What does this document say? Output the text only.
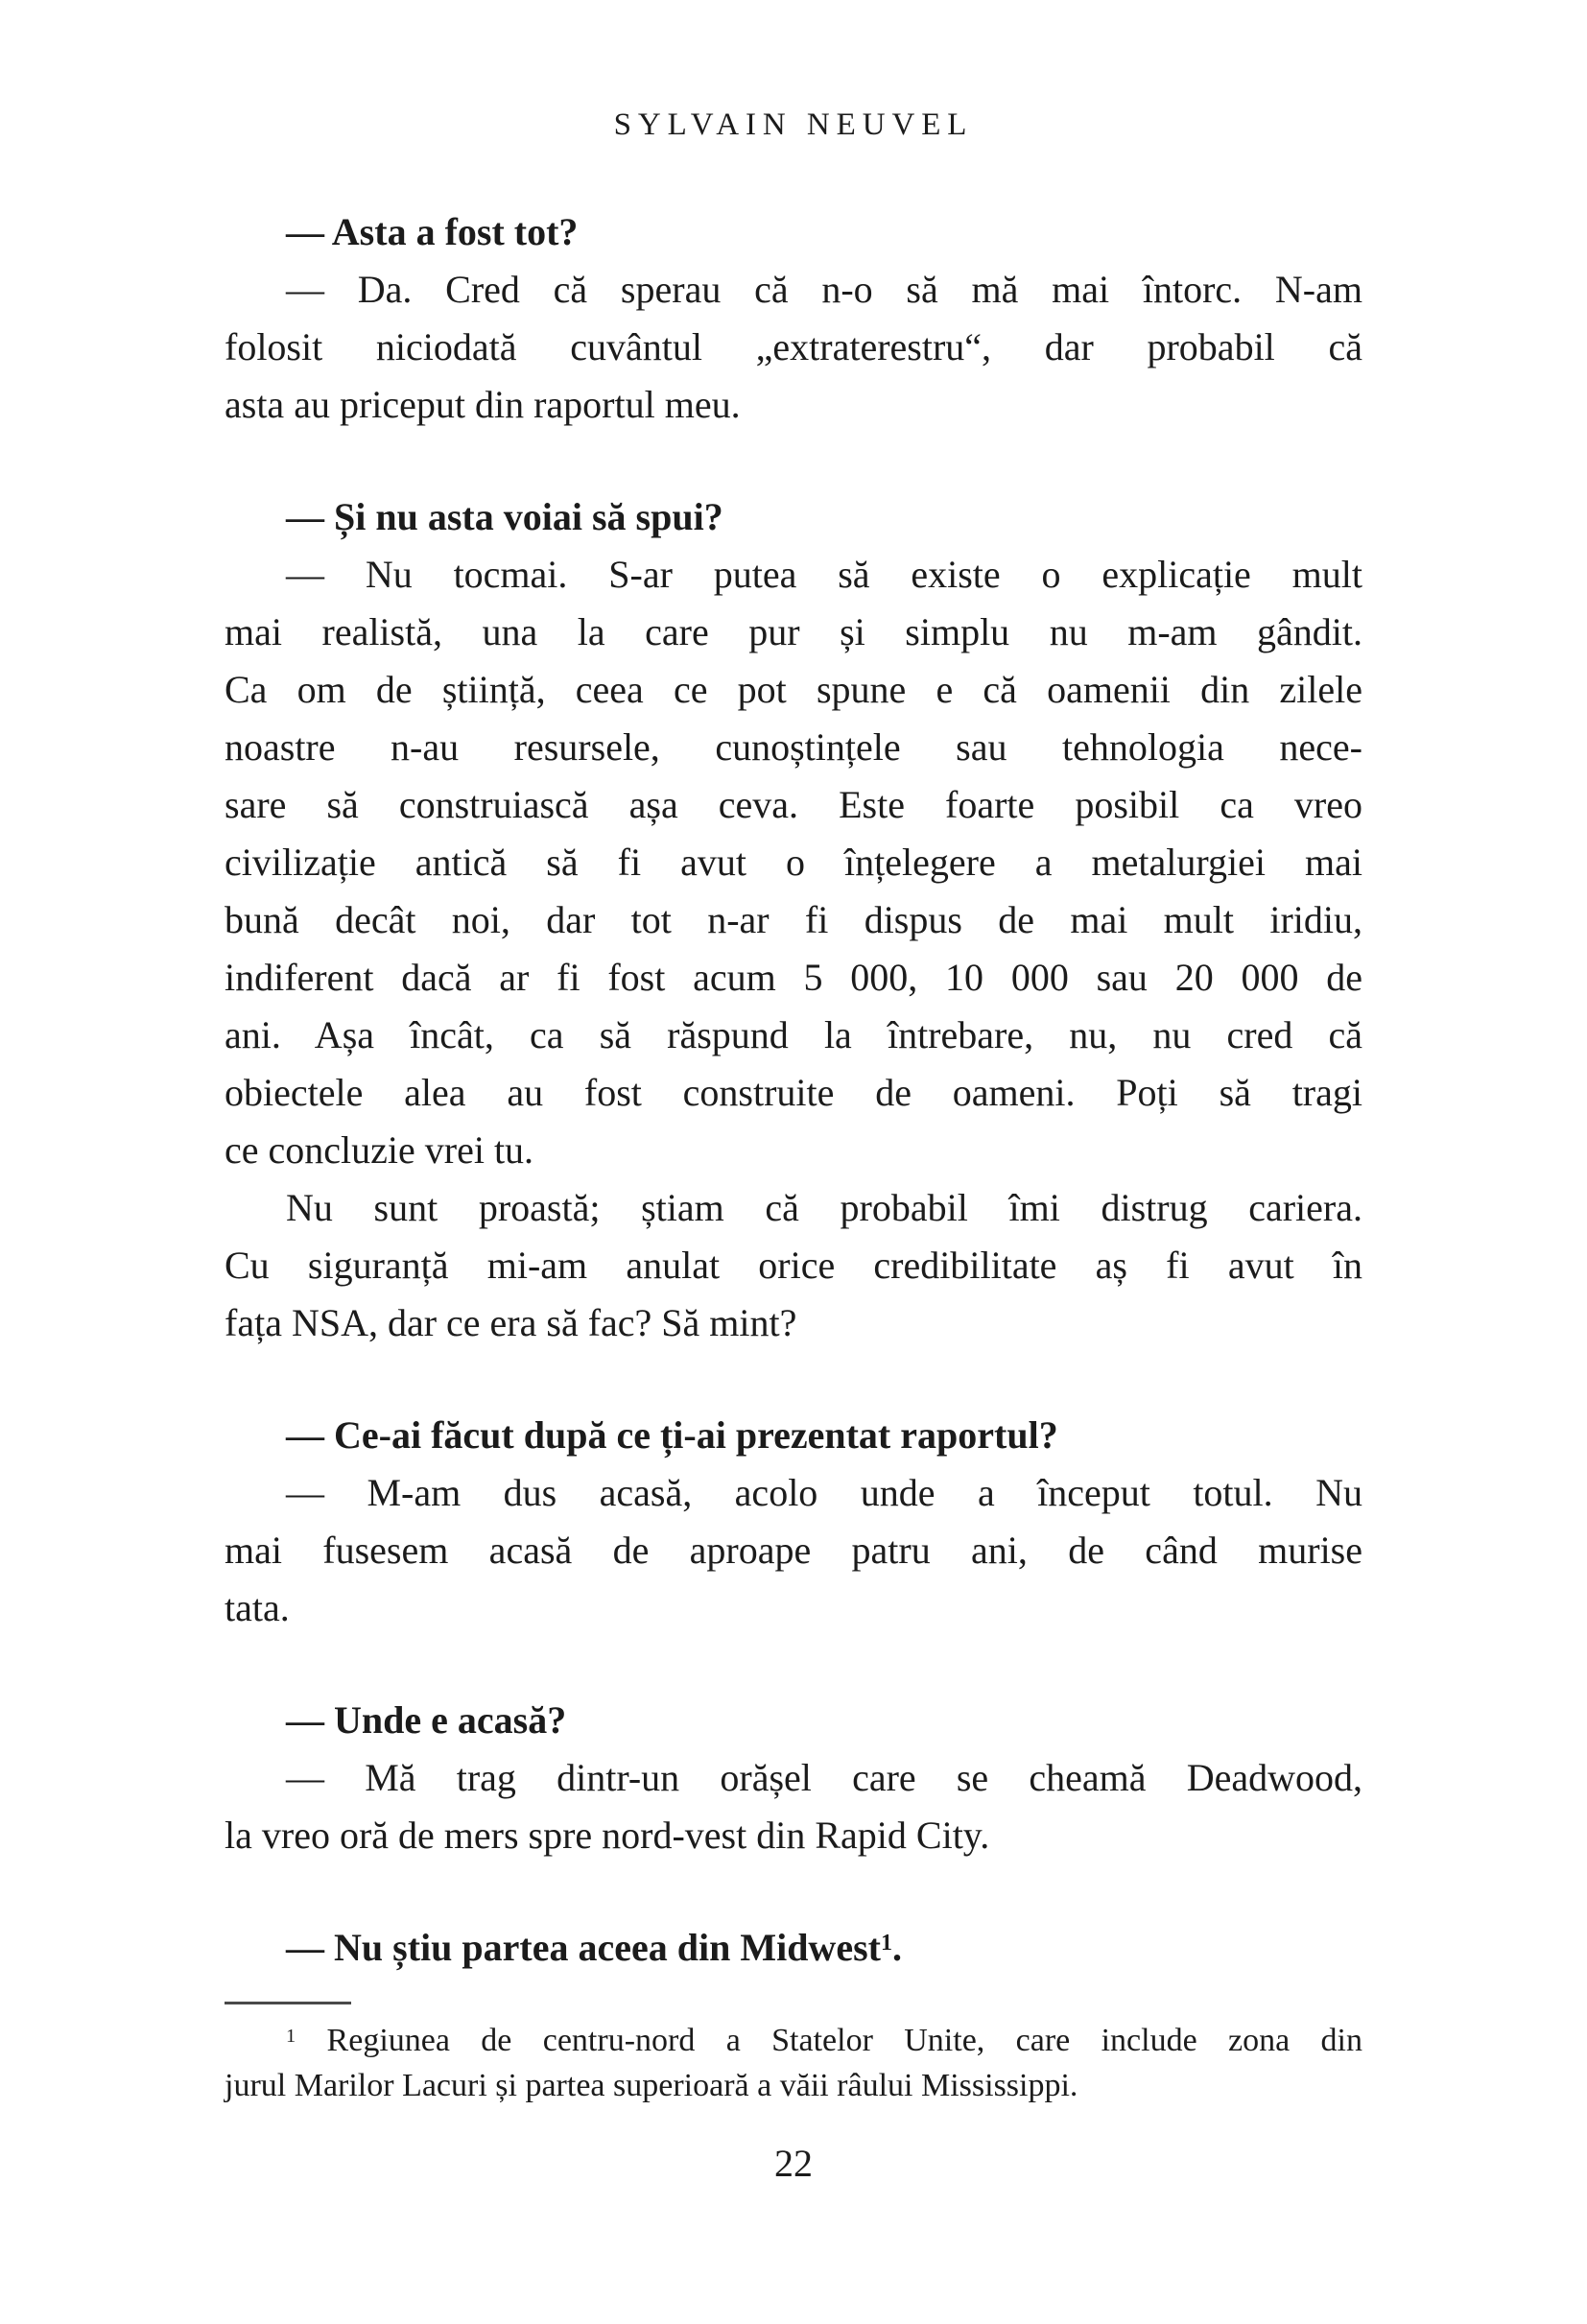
SYLVAIN NEUVEL
— Asta a fost tot?
— Da. Cred că sperau că n-o să mă mai întorc. N-am
folosit niciodată cuvântul „extraterestru“, dar probabil că
asta au priceput din raportul meu.
— Și nu asta voiai să spui?
— Nu tocmai. S-ar putea să existe o explicație mult
mai realistă, una la care pur și simplu nu m-am gândit.
Ca om de știință, ceea ce pot spune e că oamenii din zilele
noastre n-au resursele, cunoștințele sau tehnologia nece-
sare să construiască așa ceva. Este foarte posibil ca vreo
civilizație antică să fi avut o înțelegere a metalurgiei mai
bună decât noi, dar tot n-ar fi dispus de mai mult iridiu,
indiferent dacă ar fi fost acum 5 000, 10 000 sau 20 000 de
ani. Așa încât, ca să răspund la întrebare, nu, nu cred că
obiectele alea au fost construite de oameni. Poți să tragi
ce concluzie vrei tu.
Nu sunt proastă; știam că probabil îmi distrug cariera.
Cu siguranță mi-am anulat orice credibilitate aș fi avut în
fața NSA, dar ce era să fac? Să mint?
— Ce-ai făcut după ce ți-ai prezentat raportul?
— M-am dus acasă, acolo unde a început totul. Nu
mai fusesem acasă de aproape patru ani, de când murise
tata.
— Unde e acasă?
— Mă trag dintr-un orășel care se cheamă Deadwood,
la vreo oră de mers spre nord-vest din Rapid City.
— Nu știu partea aceea din Midwest$^1$.
$^1$ Regiunea de centru-nord a Statelor Unite, care include zona din
jurul Marilor Lacuri și partea superioară a văii râului Mississippi.
22
